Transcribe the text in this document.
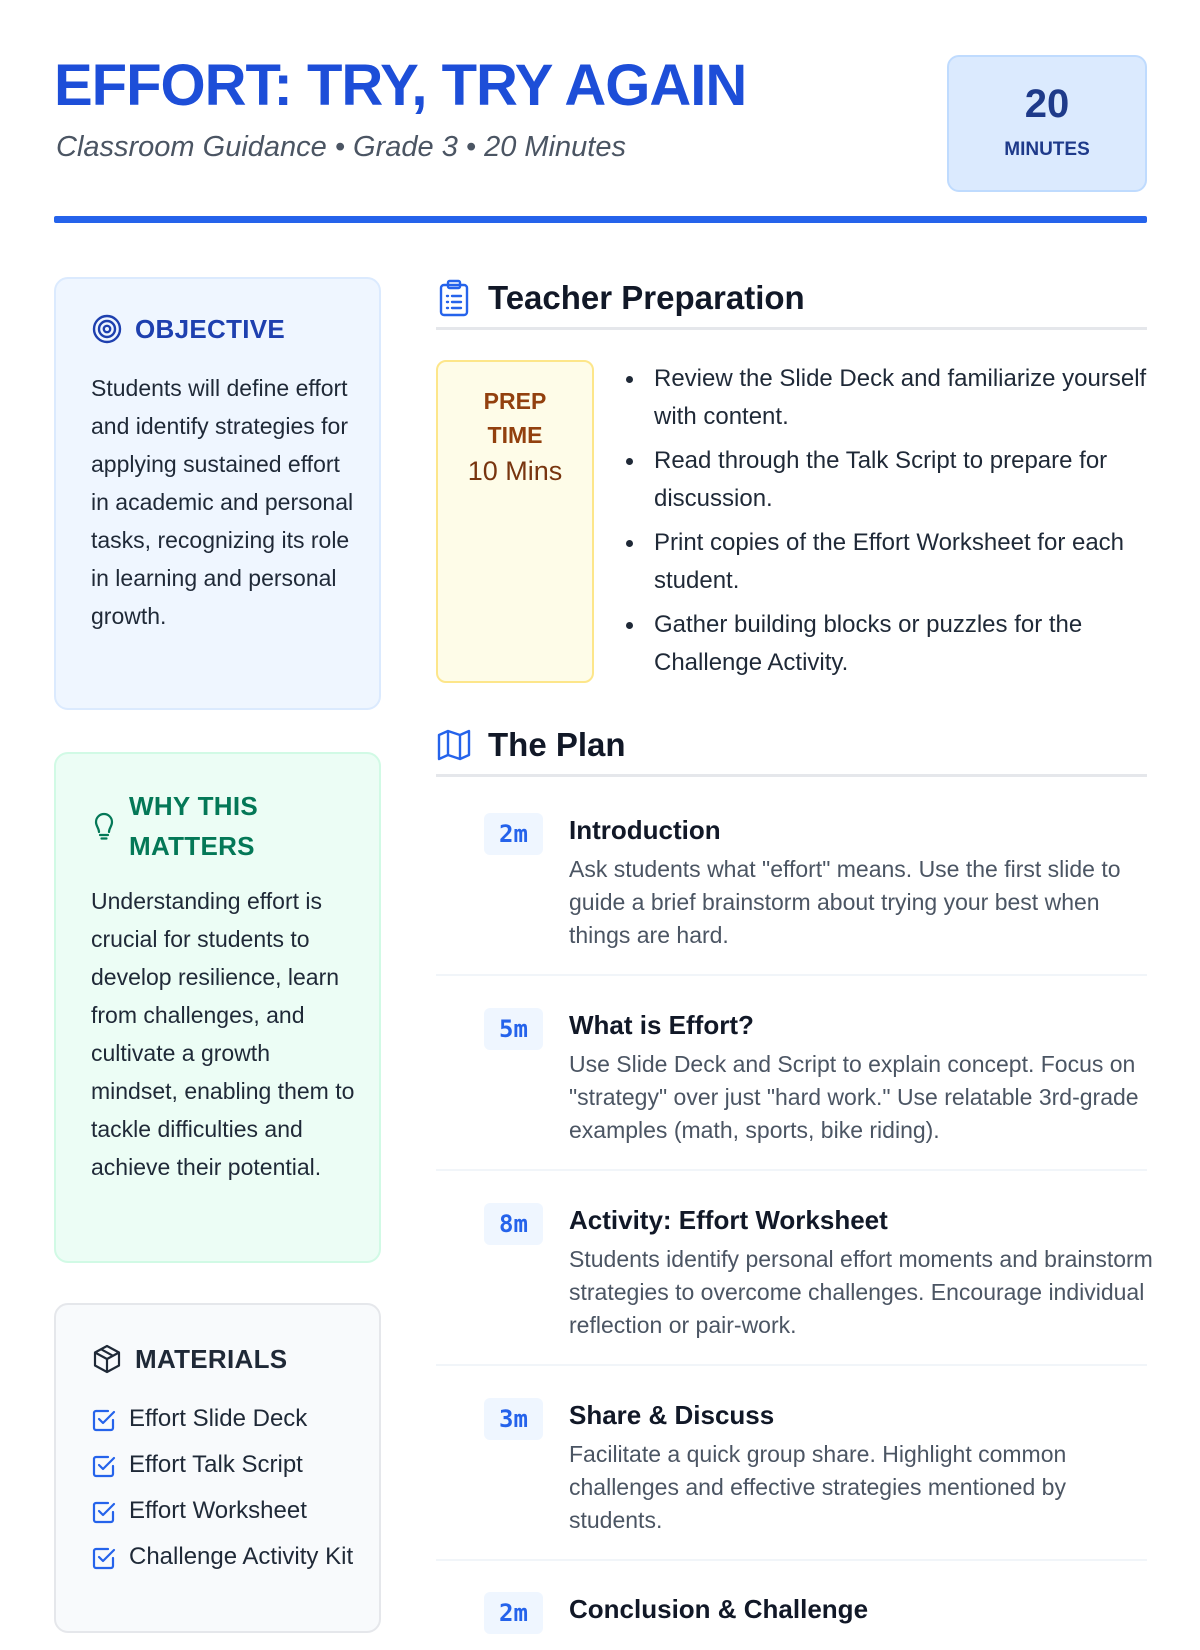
EFFORT: TRY, TRY AGAIN
Classroom Guidance • Grade 3 • 20 Minutes
20
MINUTES
OBJECTIVE

Students will define effort and identify strategies for applying sustained effort in academic and personal tasks, recognizing its role in learning and personal growth.

WHY THIS
MATTERS

Understanding effort is crucial for students to develop resilience, learn from challenges, and cultivate a growth mindset, enabling them to tackle difficulties and achieve their potential.

MATERIALS
Effort Slide Deck
Effort Talk Script
Effort Worksheet
Challenge Activity Kit
Teacher Preparation
PREP
TIME
10 Mins
Review the Slide Deck and familiarize yourself with content.
Read through the Talk Script to prepare for discussion.
Print copies of the Effort Worksheet for each student.
Gather building blocks or puzzles for the Challenge Activity.
The Plan
2m	Introduction
Ask students what "effort" means. Use the first slide to guide a brief brainstorm about trying your best when things are hard.
5m	What is Effort?
Use Slide Deck and Script to explain concept. Focus on "strategy" over just "hard work." Use relatable 3rd-grade examples (math, sports, bike riding).
8m	Activity: Effort Worksheet
Students identify personal effort moments and brainstorm strategies to overcome challenges. Encourage individual reflection or pair-work.
3m	Share & Discuss
Facilitate a quick group share. Highlight common challenges and effective strategies mentioned by students.
2m	Conclusion & Challenge
